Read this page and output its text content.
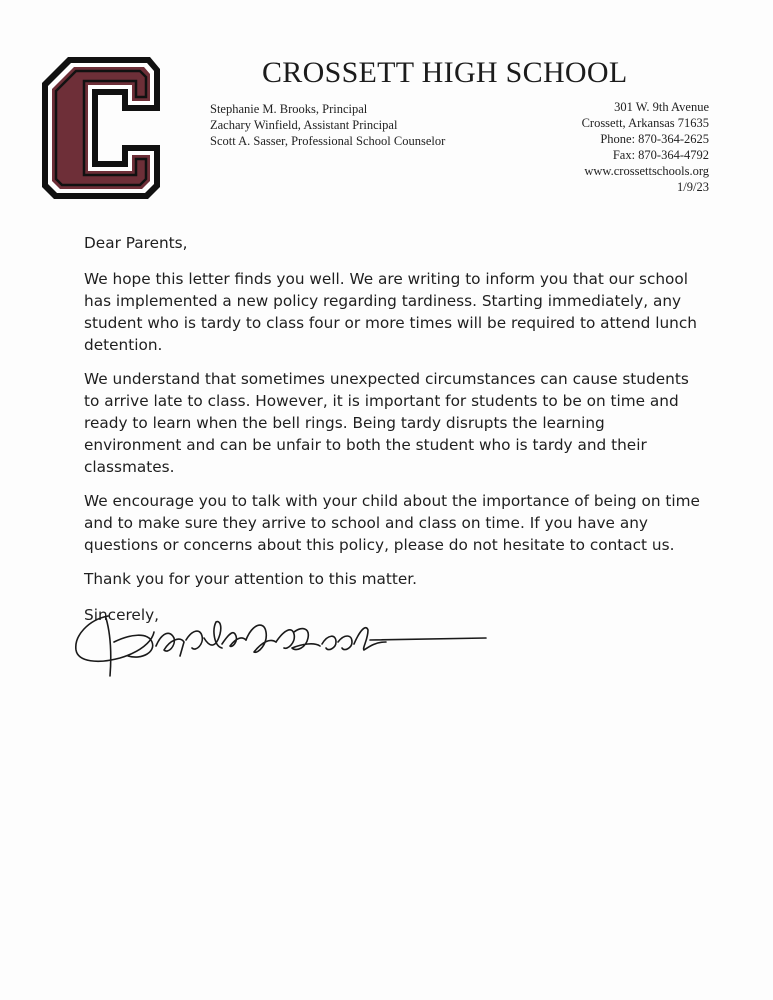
CROSSETT HIGH SCHOOL
Stephanie M. Brooks, Principal
Zachary Winfield, Assistant Principal
Scott A. Sasser, Professional School Counselor
301 W. 9th Avenue
Crossett, Arkansas 71635
Phone: 870-364-2625
Fax: 870-364-4792
www.crossettschools.org
1/9/23

Dear Parents,

We hope this letter finds you well. We are writing to inform you that our school has implemented a new policy regarding tardiness. Starting immediately, any student who is tardy to class four or more times will be required to attend lunch detention.

We understand that sometimes unexpected circumstances can cause students to arrive late to class. However, it is important for students to be on time and ready to learn when the bell rings. Being tardy disrupts the learning environment and can be unfair to both the student who is tardy and their classmates.

We encourage you to talk with your child about the importance of being on time and to make sure they arrive to school and class on time. If you have any questions or concerns about this policy, please do not hesitate to contact us.

Thank you for your attention to this matter.

Sincerely,
